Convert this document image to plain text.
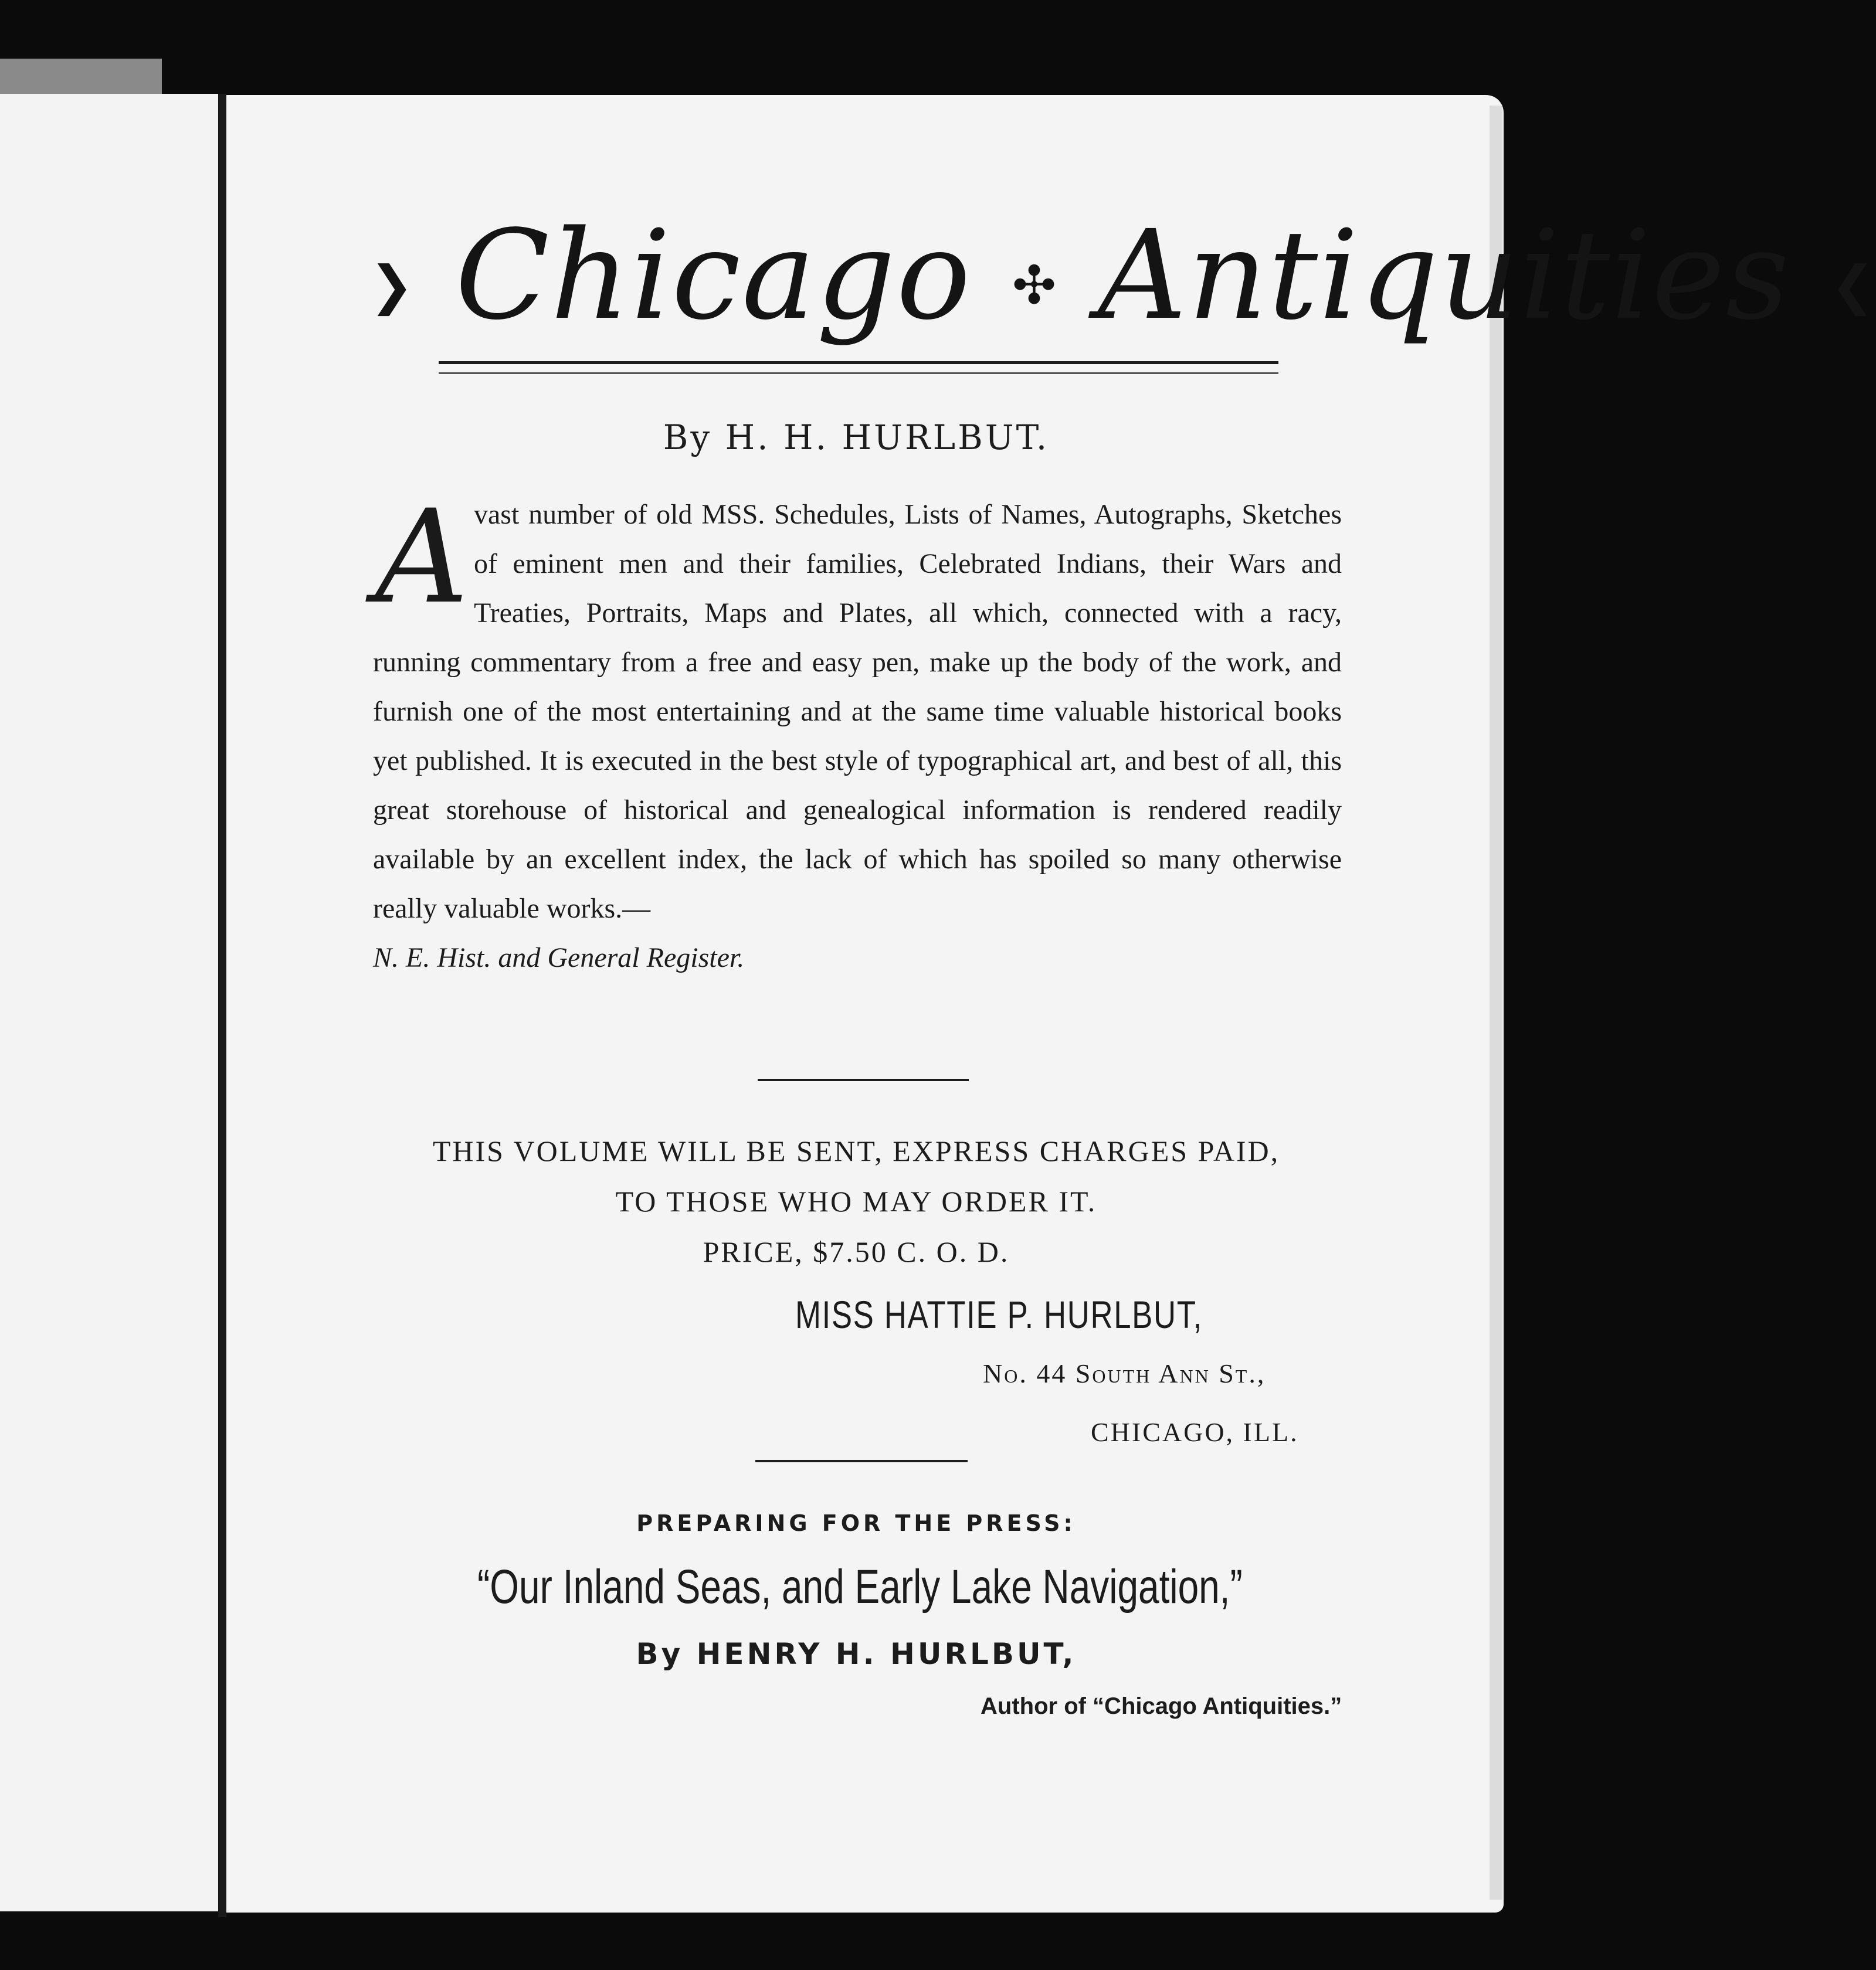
❯ Chicago ✣ Antiquities ❮
By H. H. HURLBUT.
A vast number of old MSS. Schedules, Lists of Names, Autographs, Sketches of eminent men and their families, Celebrated Indians, their Wars and Treaties, Portraits, Maps and Plates, all which, connected with a racy, running commentary from a free and easy pen, make up the body of the work, and furnish one of the most entertaining and at the same time valuable historical books yet published. It is executed in the best style of typographical art, and best of all, this great storehouse of historical and genealogical information is rendered readily available by an excellent index, the lack of which has spoiled so many otherwise really valuable works.—
N. E. Hist. and General Register.
THIS VOLUME WILL BE SENT, EXPRESS CHARGES PAID,
TO THOSE WHO MAY ORDER IT.
PRICE, $7.50 C. O. D.
MISS HATTIE P. HURLBUT,
No. 44 South Ann St.,
CHICAGO, ILL.
PREPARING FOR THE PRESS:
“Our Inland Seas, and Early Lake Navigation,”
By HENRY H. HURLBUT,
Author of “Chicago Antiquities.”
